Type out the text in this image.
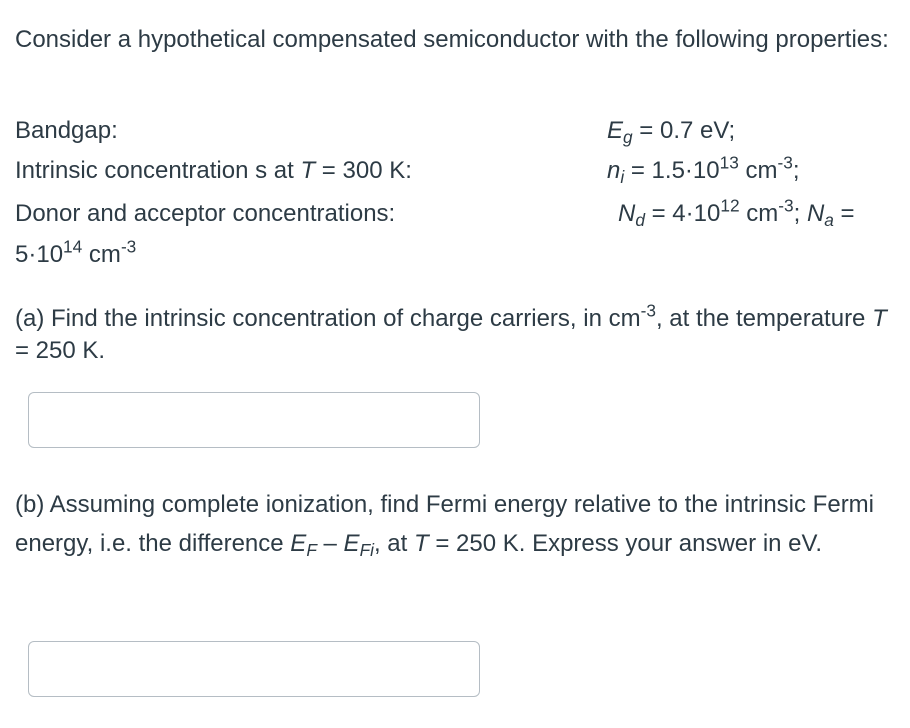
Consider a hypothetical compensated semiconductor with the following properties:
Bandgap:	$E_g = 0.7$ eV;
Intrinsic concentration s at T = 300 K:	$n_i = 1.5\cdot 10^{13}$ $cm^{-3}$;
Donor and acceptor concentrations:	$N_d = 4\cdot 10^{12}$ $cm^{-3}$; $N_a$ =
$5\cdot 10^{14}$ $cm^{-3}$
(a) Find the intrinsic concentration of charge carriers, in $cm^{-3}$, at the temperature T = 250 K.
(b) Assuming complete ionization, find Fermi energy relative to the intrinsic Fermi energy, i.e. the difference $E_F - E_{Fi}$, at T = 250 K. Express your answer in eV.
